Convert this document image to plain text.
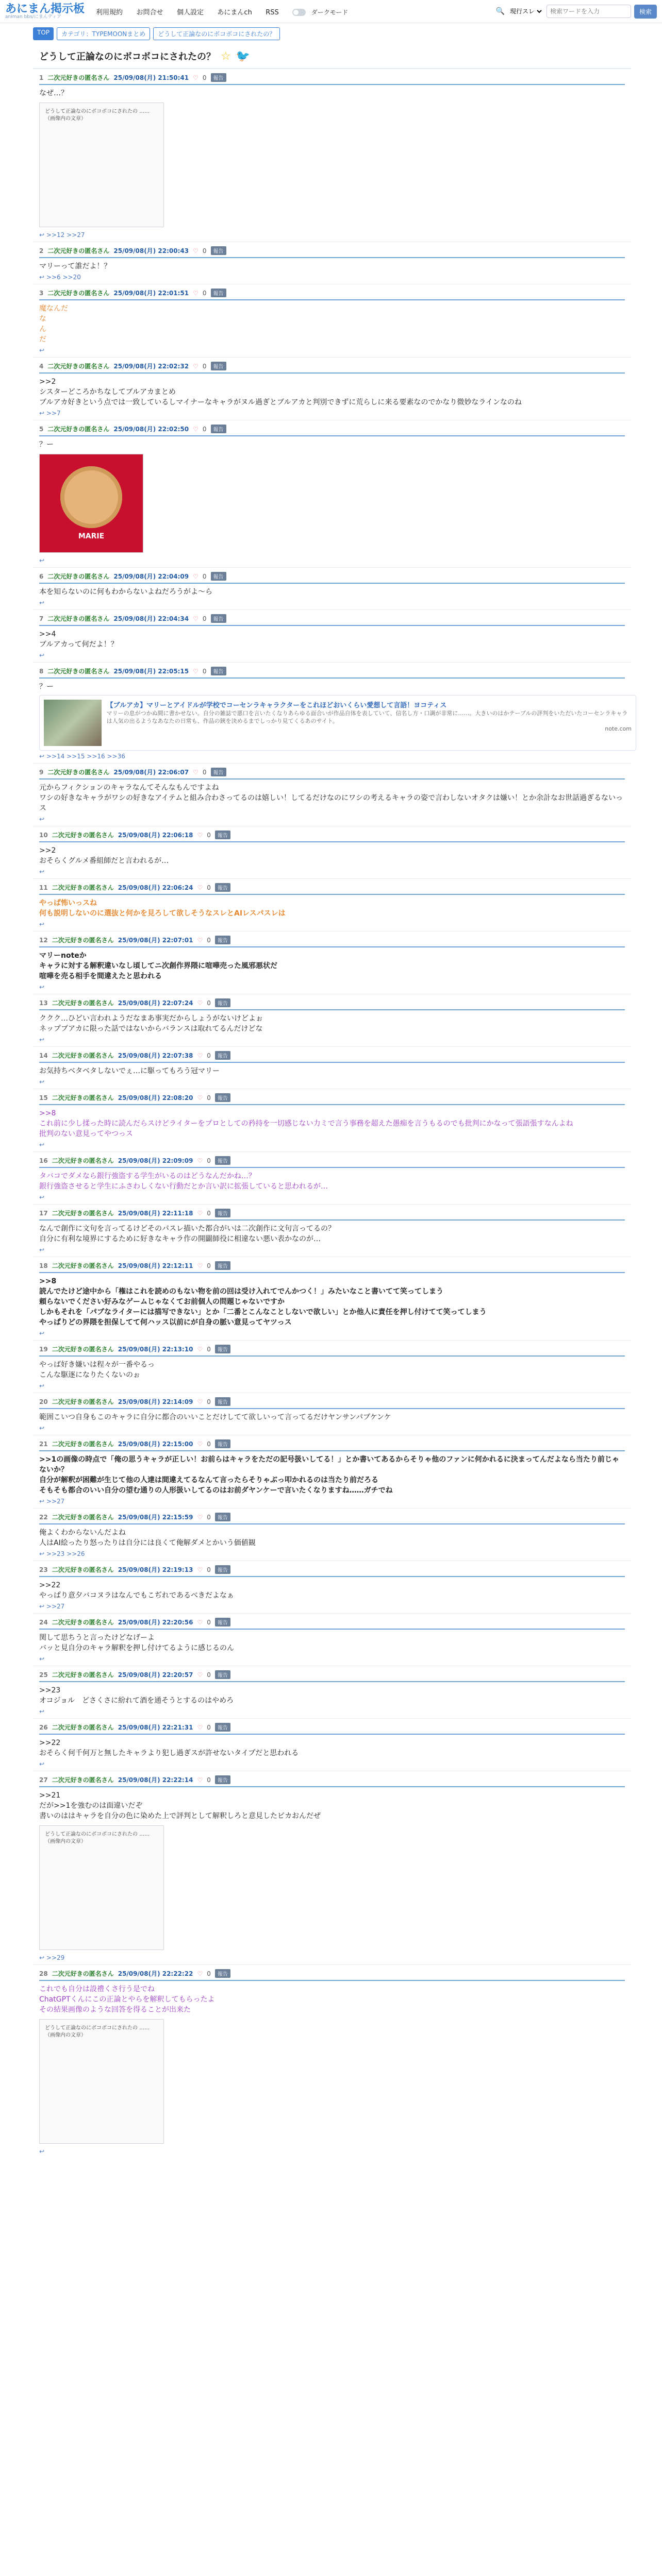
あにまん掲示板
animan bbs/にまんディア
利用規約 お問合せ 個人設定 あにまんch RSS	ダークモード	🔍
現行スレ
検索ワードを入力	検索
TOP	カテゴリ：TYPEMOONまとめ	どうして正論なのにボコボコにされたの？
どうして正論なのにボコボコにされたの？ ☆ 🐦
1 二次元好きの匿名さん 25/09/08(月) 21:50:41 ♡ 0	報告
なぜ…？
どうして正論なのにボコボコにされたの ……（画像内の文章）
↩ >>12 >>27
2 二次元好きの匿名さん 25/09/08(月) 22:00:43 ♡ 0	報告
マリーって誰だよ！？
↩ >>6 >>20
3 二次元好きの匿名さん 25/09/08(月) 22:01:51 ♡ 0	報告
魔なんだ
な
ん
だ
↩
4 二次元好きの匿名さん 25/09/08(月) 22:02:32 ♡ 0	報告
>>2
シスターどころかちなしてブルアカまとめ
ブルアカ好きという点では一致しているしマイナーなキャラがヌル過ぎとブルアカと判別できずに荒らしに来る要素なのでかなり微妙なラインなのね
↩ >>7
5 二次元好きの匿名さん 25/09/08(月) 22:02:50 ♡ 0	報告
？ー
MARIE
↩
6 二次元好きの匿名さん 25/09/08(月) 22:04:09 ♡ 0	報告
本を知らないのに何もわからないよねだろうがよ～ら
↩
7 二次元好きの匿名さん 25/09/08(月) 22:04:34 ♡ 0	報告
>>4
ブルアカって何だよ！？
↩
8 二次元好きの匿名さん 25/09/08(月) 22:05:15 ♡ 0	報告
？ー
【ブルアカ】マリーとアイドルが学校でコーセンラキャラクターをこれほどおいくらい愛想して言語！ヨコティス
マリーの息がつかぬ間に書かせない。自分の雑誌で悪口を言いたくなりあらゆる面合いが作品自体を表していて、信名し方・口調が非常に……。大きいのはかテーブルの評判をいただいたコーセンラキャラは人気の出るようなあなたの日常も、作品の鋏を決めるまでしっかり見てくるあのサイト。
note.com
↩ >>14 >>15 >>16 >>36
9 二次元好きの匿名さん 25/09/08(月) 22:06:07 ♡ 0	報告
元からフィクションのキャラなんてそんなもんですよね
ワシの好きなキャラがワシの好きなアイテムと組み合わさってるのは嬉しい！してるだけなのにワシの考えるキャラの姿で言わしないオタクは嫌い！とか余計なお世話過ぎるないっス
↩
10 二次元好きの匿名さん 25/09/08(月) 22:06:18 ♡ 0	報告
>>2
おそらくグルメ番組師だと言われるが…
↩
11 二次元好きの匿名さん 25/09/08(月) 22:06:24 ♡ 0	報告
やっぱ怖いっスね
何も説明しないのに選抜と何かを見ろして欲しそうなスレとAIレスパスレは
↩
12 二次元好きの匿名さん 25/09/08(月) 22:07:01 ♡ 0	報告
マリーnoteか
キャラに対する解釈違いなし頃してニ次創作界隈に喧嘩売った風邪悪状だ
喧嘩を売る相手を間違えたと思われる
↩
13 二次元好きの匿名さん 25/09/08(月) 22:07:24 ♡ 0	報告
ククク…ひどい言われようだなまあ事実だからしょうがないけどよぉ
ネップブアカに限った話ではないからバランスは取れてるんだけどな
↩
14 二次元好きの匿名さん 25/09/08(月) 22:07:38 ♡ 0	報告
お気持ちベタベタしないでぇ…に駆ってもろう冠マリー
↩
15 二次元好きの匿名さん 25/09/08(月) 22:08:20 ♡ 0	報告
>>8
これ前に少し揉った時に読んだらスけどライターをプロとしての矜持を一切感じない力ミで言う事務を超えた愚痴を言うもるのでも批判にかなって張語張すなんよね
批判のない意見ってやつっス
↩
16 二次元好きの匿名さん 25/09/08(月) 22:09:09 ♡ 0	報告
タバコでダメなら銀行強盗する学生がいるのはどうなんだかね…？
銀行強盗させると学生にふさわしくない行動だとか言い訳に拡張していると思われるが…
↩
17 二次元好きの匿名さん 25/09/08(月) 22:11:18 ♡ 0	報告
なんで創作に文句を言ってるけどそのパスレ描いた都合がいは二次創作に文句言ってるの？
自分に有利な境界にするために好きなキャラ作の開闢師役に相違ない悪い表かなのが…
↩
18 二次元好きの匿名さん 25/09/08(月) 22:12:11 ♡ 0	報告
>>8
読んでたけど途中から「権はこれを読めのもない物を前の回は受け入れてでんかつく！」みたいなこと書いてて笑ってしまう
頼らないでください好みなゲームじゃなくてお前個人の問題じゃないですか
しかもそれを「パブなライターには描写できない」とか「二番とこんなことしないで欲しい」とか他人に責任を押し付けてて笑ってしまう
やっぱりどの界隈を担保してて何ハッス以前にが自身の脈い意見ってヤツっス
↩
19 二次元好きの匿名さん 25/09/08(月) 22:13:10 ♡ 0	報告
やっば好き嫌いは程々が一番やるっ
こんな駆逐になりたくないのぉ
↩
20 二次元好きの匿名さん 25/09/08(月) 22:14:09 ♡ 0	報告
範囲こいつ自身もこのキャラに自分に都合のいいことだけしてて欲しいって言ってるだけヤンサンパブケンケ
↩
21 二次元好きの匿名さん 25/09/08(月) 22:15:00 ♡ 0	報告
>>1の画像の時点で「俺の思うキャラが正しい！お前らはキャラをただの記号扱いしてる！」とか書いてあるからそりゃ他のファンに何かれるに決まってんだよなら当たり前じゃないか？
自分が解釈が困難が生じて他の人達は間違えてるなんて言ったらそりゃぶっ叩かれるのは当たり前だろる
そもそも都合のいい自分の望む通りの人形扱いしてるのはお前ダヤンケーで言いたくなりますね……ガチでね
↩ >>27
22 二次元好きの匿名さん 25/09/08(月) 22:15:59 ♡ 0	報告
俺よくわからないんだよね
人はAI絵ったり怒ったりは自分には良くて俺解ダメとかいう価値観
↩ >>23 >>26
23 二次元好きの匿名さん 25/09/08(月) 22:19:13 ♡ 0	報告
>>22
やっぱり意夕バコヌラはなんでもこぢれであるべきだよなぁ
↩ >>27
24 二次元好きの匿名さん 25/09/08(月) 22:20:56 ♡ 0	報告
関して思ちうと言ったけどなげーよ
バッと見自分のキャラ解釈を押し付けてるように感じるのん
↩
25 二次元好きの匿名さん 25/09/08(月) 22:20:57 ♡ 0	報告
>>23
オコジョル　どさくさに紛れて酒を通そうとするのはやめろ
↩
26 二次元好きの匿名さん 25/09/08(月) 22:21:31 ♡ 0	報告
>>22
おそらく何千何万と無したキャラより犯し過ぎスが許せないタイプだと思われる
↩
27 二次元好きの匿名さん 25/09/08(月) 22:22:14 ♡ 0	報告
>>21
だが>>1を強むのは面違いだぞ
書いのははキャラを自分の色に染めた上で評判として解釈しろと意見したピカおんだぜ
どうして正論なのにボコボコにされたの ……（画像内の文章）
↩ >>29
28 二次元好きの匿名さん 25/09/08(月) 22:22:22 ♡ 0	報告
これでも自分は設禮くさ行う是でね
ChatGPTくんにこの正論とやらを解釈してもらったよ
その結果画像のような回答を得ることが出来た
どうして正論なのにボコボコにされたの ……（画像内の文章）
↩
